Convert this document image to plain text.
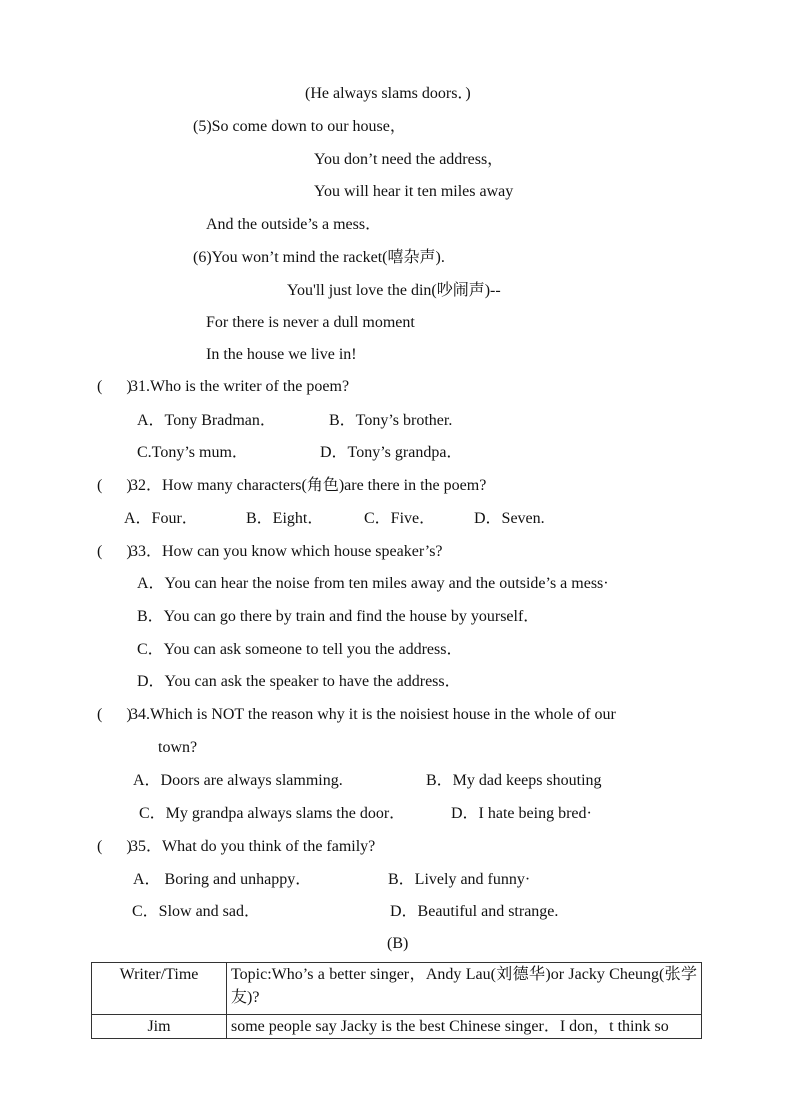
(He always slams doors．)
(5)So come down to our house，
You don’t need the address，
You will hear it ten miles away
And the outside’s a mess．
(6)You won’t mind the racket(嘻杂声).
You'll just love the din(吵闹声)--
For there is never a dull moment
In the house we live in!
(      )
31.Who is the writer of the poem?
A．Tony Bradman．	B．Tony’s brother.
C.Tony’s mum．	D．Tony’s grandpa．
(      )
32．How many characters(角色)are there in the poem?
A．Four．	B．Eight．	C．Five． D．Seven.
(      )
33．How can you know which house speaker’s?
A．You can hear the noise from ten miles away and the outside’s a mess·
B．You can go there by train and find the house by yourself．
C．You can ask someone to tell you the address．
D．You can ask the speaker to have the address．
(      )
34.Which is NOT the reason why it is the noisiest house in the whole of our
town?
A．Doors are always slamming.	B．My dad keeps shouting
C．My grandpa always slams the door．	D．I hate being bred·
(      )
35．What do you think of the family?
A． Boring and unhappy．	B．Lively and funny·
C．Slow and sad．	D．Beautiful and strange.
(B)
Writer/Time	Topic:Who’s a better singer，Andy Lau(刘德华)or Jacky Cheung(张学友)?
Jim	some people say Jacky is the best Chinese singer．I don，t think so
